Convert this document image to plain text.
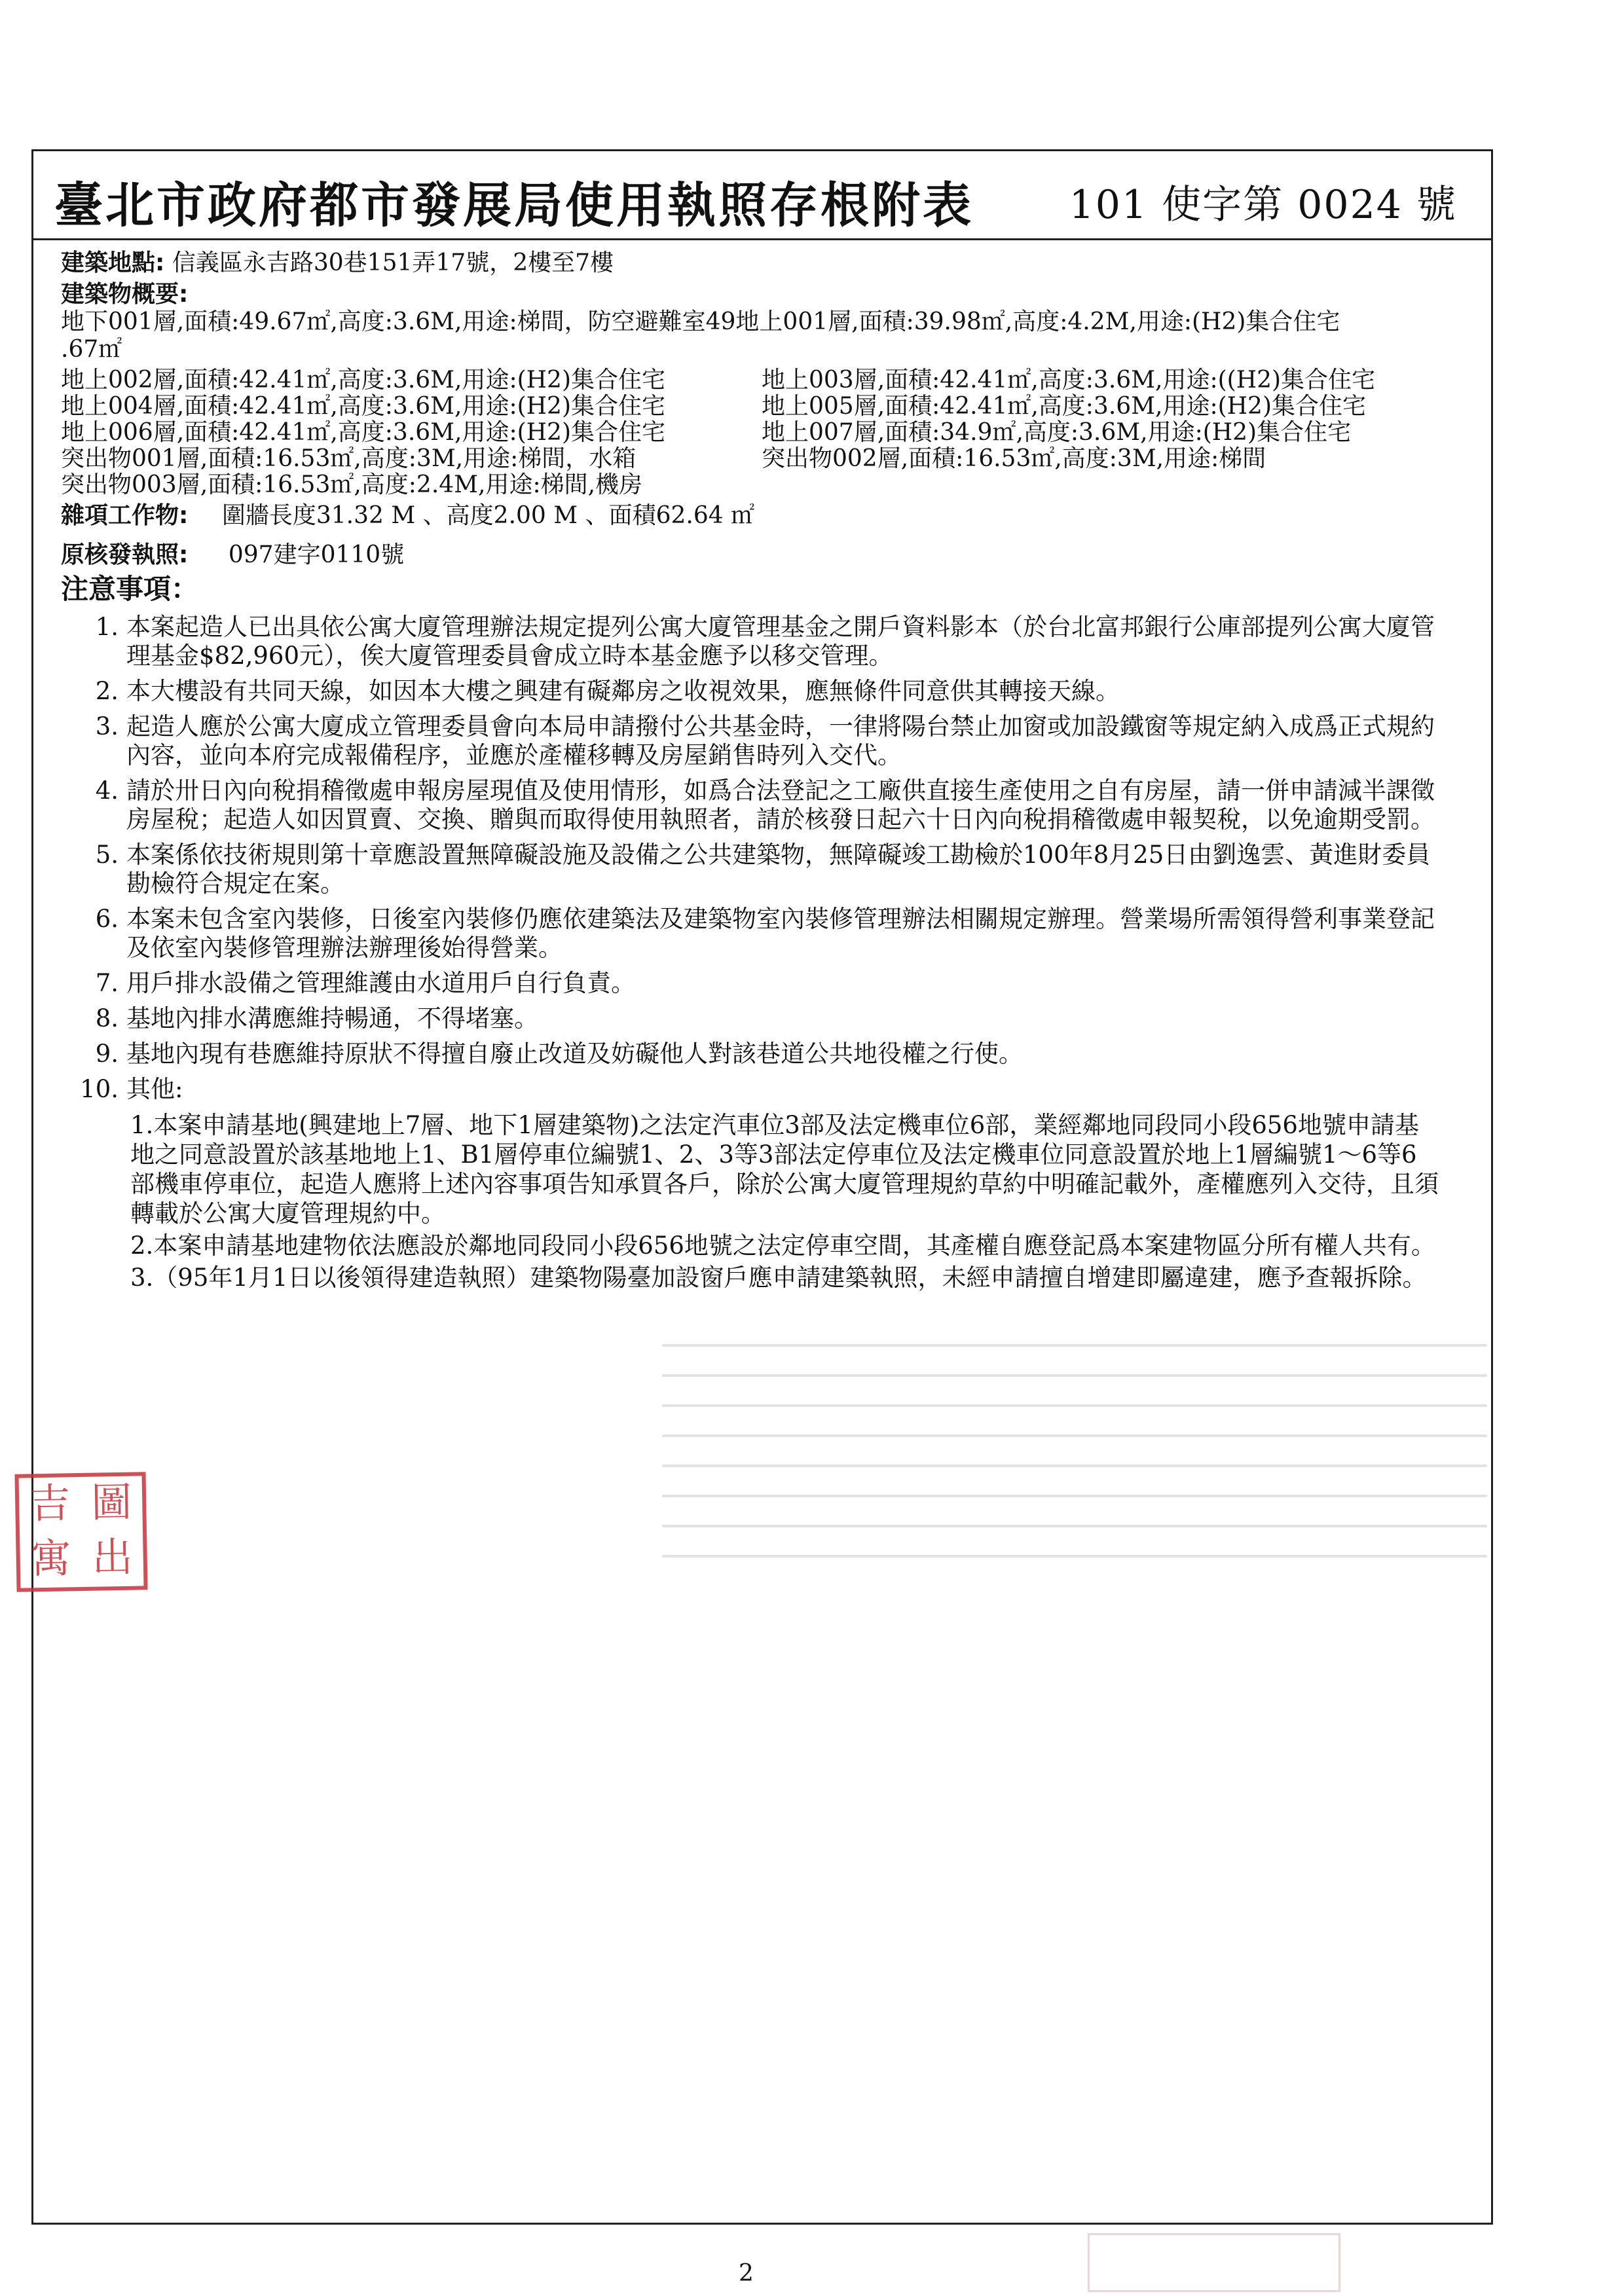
臺北市政府都市發展局使用執照存根附表 101 使字第 0024 號
建築地點: 信義區永吉路30巷151弄17號，2樓至7樓
建築物概要:
地下001層,面積:49.67㎡,高度:3.6M,用途:梯間，防空避難室49地上001層,面積:39.98㎡,高度:4.2M,用途:(H2)集合住宅
.67㎡
地上002層,面積:42.41㎡,高度:3.6M,用途:(H2)集合住宅	地上003層,面積:42.41㎡,高度:3.6M,用途:((H2)集合住宅
地上004層,面積:42.41㎡,高度:3.6M,用途:(H2)集合住宅	地上005層,面積:42.41㎡,高度:3.6M,用途:(H2)集合住宅
地上006層,面積:42.41㎡,高度:3.6M,用途:(H2)集合住宅	地上007層,面積:34.9㎡,高度:3.6M,用途:(H2)集合住宅
突出物001層,面積:16.53㎡,高度:3M,用途:梯間，水箱	突出物002層,面積:16.53㎡,高度:3M,用途:梯間
突出物003層,面積:16.53㎡,高度:2.4M,用途:梯間,機房
雜項工作物: 圍牆長度31.32 M 、高度2.00 M 、面積62.64 ㎡
原核發執照: 097建字0110號
注意事項：
1. 本案起造人已出具依公寓大廈管理辦法規定提列公寓大廈管理基金之開戶資料影本（於台北富邦銀行公庫部提列公寓大廈管理基金$82,960元），俟大廈管理委員會成立時本基金應予以移交管理。
2. 本大樓設有共同天線，如因本大樓之興建有礙鄰房之收視效果，應無條件同意供其轉接天線。
3. 起造人應於公寓大廈成立管理委員會向本局申請撥付公共基金時，一律將陽台禁止加窗或加設鐵窗等規定納入成爲正式規約內容，並向本府完成報備程序，並應於產權移轉及房屋銷售時列入交代。
4. 請於卅日內向稅捐稽徵處申報房屋現值及使用情形，如爲合法登記之工廠供直接生產使用之自有房屋，請一併申請減半課徵房屋稅；起造人如因買賣、交換、贈與而取得使用執照者，請於核發日起六十日內向稅捐稽徵處申報契稅，以免逾期受罰。
5. 本案係依技術規則第十章應設置無障礙設施及設備之公共建築物，無障礙竣工勘檢於100年8月25日由劉逸雲、黃進財委員勘檢符合規定在案。
6. 本案未包含室內裝修，日後室內裝修仍應依建築法及建築物室內裝修管理辦法相關規定辦理。營業場所需領得營利事業登記及依室內裝修管理辦法辦理後始得營業。
7. 用戶排水設備之管理維護由水道用戶自行負責。
8. 基地內排水溝應維持暢通，不得堵塞。
9. 基地內現有巷應維持原狀不得擅自廢止改道及妨礙他人對該巷道公共地役權之行使。
10. 其他:
1.本案申請基地(興建地上7層、地下1層建築物)之法定汽車位3部及法定機車位6部，業經鄰地同段同小段656地號申請基地之同意設置於該基地地上1、B1層停車位編號1、2、3等3部法定停車位及法定機車位同意設置於地上1層編號1～6等6部機車停車位，起造人應將上述內容事項告知承買各戶，除於公寓大廈管理規約草約中明確記載外，產權應列入交待，且須轉載於公寓大廈管理規約中。
2.本案申請基地建物依法應設於鄰地同段同小段656地號之法定停車空間，其產權自應登記爲本案建物區分所有權人共有。
3.（95年1月1日以後領得建造執照）建築物陽臺加設窗戶應申請建築執照，未經申請擅自增建即屬違建，應予查報拆除。
吉 圖
寓 出
2
